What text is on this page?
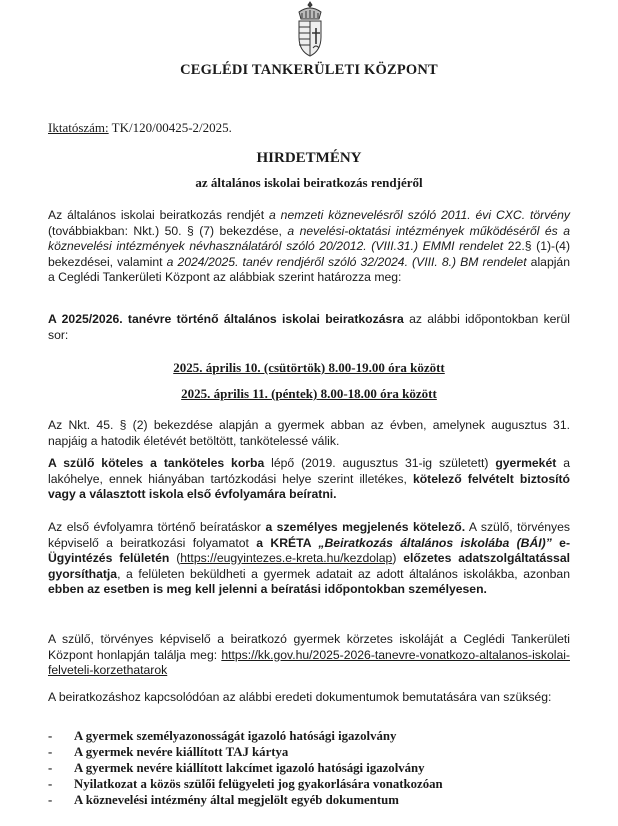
CEGLÉDI TANKERÜLETI KÖZPONT
Iktatószám: TK/120/00425-2/2025.
HIRDETMÉNY
az általános iskolai beiratkozás rendjéről

Az általános iskolai beiratkozás rendjét a nemzeti köznevelésről szóló 2011. évi CXC. törvény (továbbiakban: Nkt.) 50. § (7) bekezdése, a nevelési-oktatási intézmények működéséről és a köznevelési intézmények névhasználatáról szóló 20/2012. (VIII.31.) EMMI rendelet 22.§ (1)-(4) bekezdései, valamint a 2024/2025. tanév rendjéről szóló 32/2024. (VIII. 8.) BM rendelet alapján a Ceglédi Tankerületi Központ az alábbiak szerint határozza meg:

A 2025/2026. tanévre történő általános iskolai beiratkozásra az alábbi időpontokban kerül sor:

2025. április 10. (csütörtök) 8.00-19.00 óra között
2025. április 11. (péntek) 8.00-18.00 óra között

Az Nkt. 45. § (2) bekezdése alapján a gyermek abban az évben, amelynek augusztus 31. napjáig a hatodik életévét betöltött, tankötelessé válik.

A szülő köteles a tanköteles korba lépő (2019. augusztus 31-ig született) gyermekét a lakóhelye, ennek hiányában tartózkodási helye szerint illetékes, kötelező felvételt biztosító vagy a választott iskola első évfolyamára beíratni.

Az első évfolyamra történő beíratáskor a személyes megjelenés kötelező. A szülő, törvényes képviselő a beiratkozási folyamatot a KRÉTA „Beiratkozás általános iskolába (BÁI)” e-Ügyintézés felületén (https://eugyintezes.e-kreta.hu/kezdolap) előzetes adatszolgáltatással gyorsíthatja, a felületen beküldheti a gyermek adatait az adott általános iskolákba, azonban ebben az esetben is meg kell jelenni a beíratási időpontokban személyesen.

A szülő, törvényes képviselő a beiratkozó gyermek körzetes iskoláját a Ceglédi Tankerületi Központ honlapján találja meg: https://kk.gov.hu/2025-2026-tanevre-vonatkozo-altalanos-iskolai-felveteli-korzethatarok

A beiratkozáshoz kapcsolódóan az alábbi eredeti dokumentumok bemutatására van szükség:

- A gyermek személyazonosságát igazoló hatósági igazolvány
- A gyermek nevére kiállított TAJ kártya
- A gyermek nevére kiállított lakcímet igazoló hatósági igazolvány
- Nyilatkozat a közös szülői felügyeleti jog gyakorlására vonatkozóan
- A köznevelési intézmény által megjelölt egyéb dokumentum
